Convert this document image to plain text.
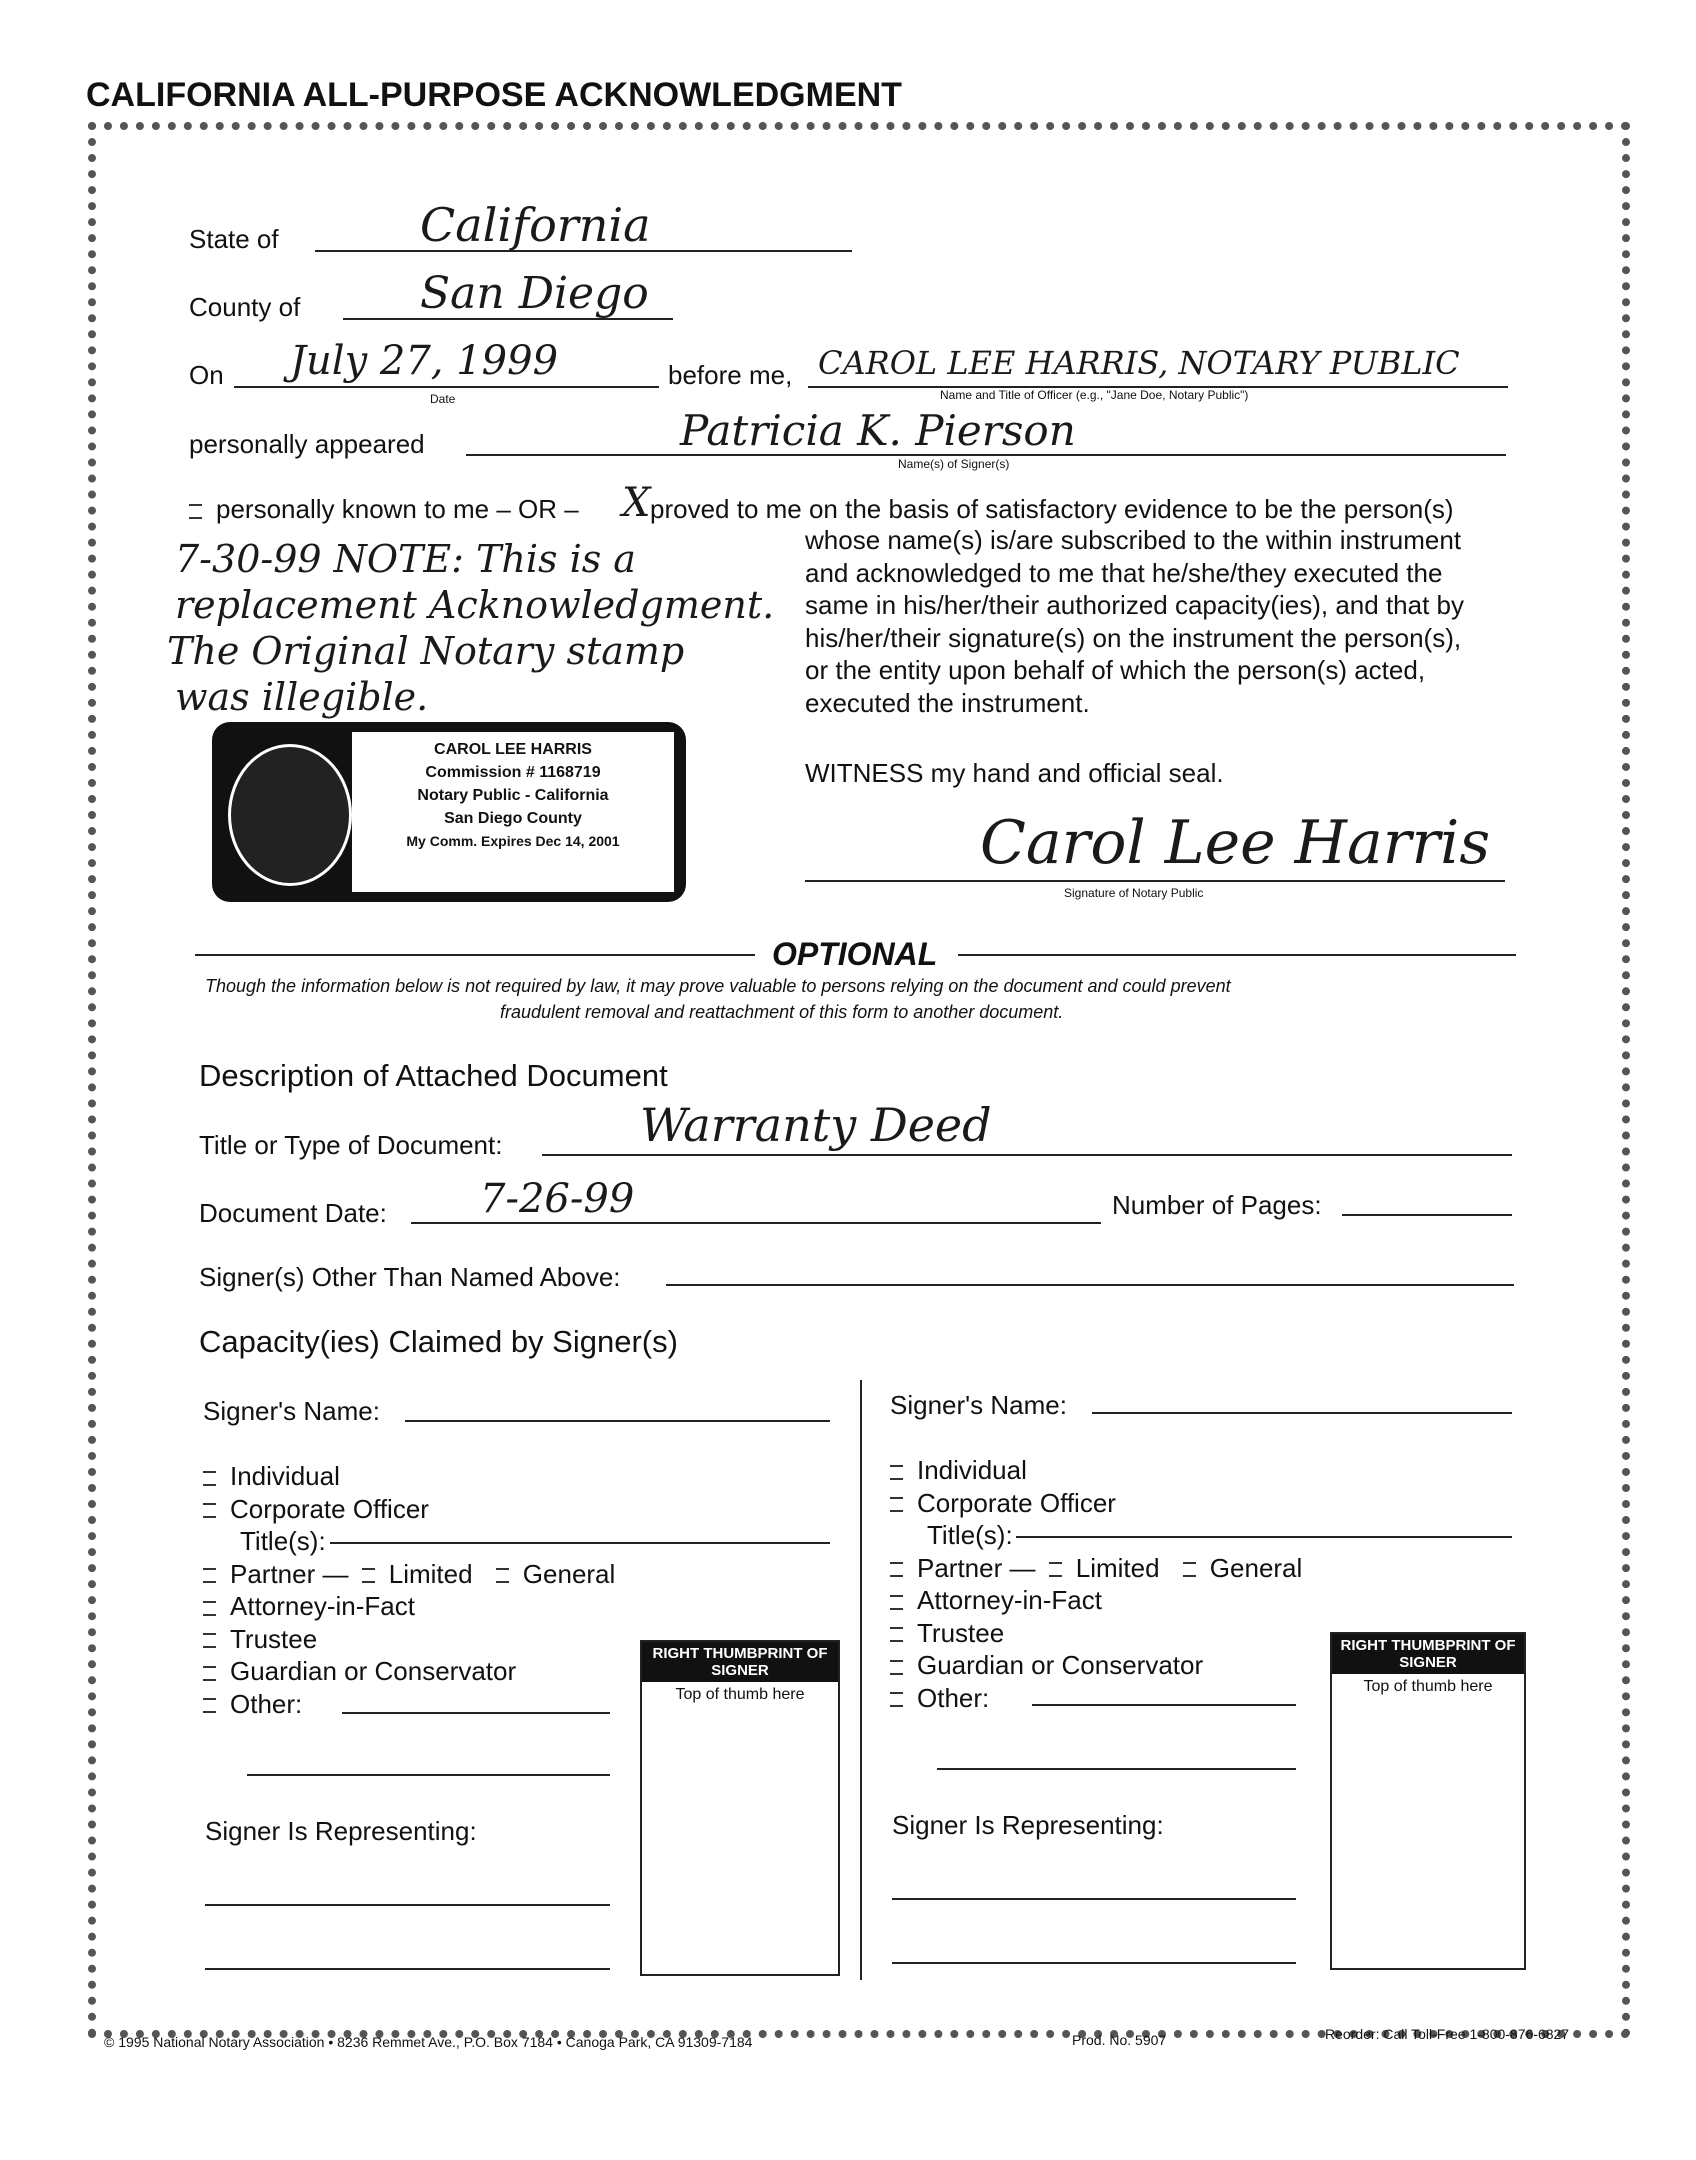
CALIFORNIA ALL-PURPOSE ACKNOWLEDGMENT
State of	California
County of	San Diego
On July 27, 1999
Date
before me, CAROL LEE HARRIS, NOTARY PUBLIC
Name and Title of Officer (e.g., "Jane Doe, Notary Public")
personally appeared	Patricia K. Pierson
Name(s) of Signer(s)
personally known to me – OR – X proved to me on the basis of satisfactory evidence to be the person(s)
whose name(s) is/are subscribed to the within instrument
and acknowledged to me that he/she/they executed the
same in his/her/their authorized capacity(ies), and that by
his/her/their signature(s) on the instrument the person(s),
or the entity upon behalf of which the person(s) acted,
executed the instrument.
7-30-99 NOTE: This is a
replacement Acknowledgment.
The Original Notary stamp
was illegible.
CAROL LEE HARRIS
Commission # 1168719
Notary Public - California
San Diego County
My Comm. Expires Dec 14, 2001
WITNESS my hand and official seal.
Carol Lee Harris
Signature of Notary Public
OPTIONAL
Though the information below is not required by law, it may prove valuable to persons relying on the document and could prevent
fraudulent removal and reattachment of this form to another document.
Description of Attached Document
Title or Type of Document:	Warranty Deed
Document Date: 7-26-99	Number of Pages:
Signer(s) Other Than Named Above:
Capacity(ies) Claimed by Signer(s)
Signer's Name:
Individual
Corporate Officer
Title(s):
Partner — Limited General
Attorney-in-Fact
Trustee
Guardian or Conservator
Other:
Signer Is Representing:
RIGHT THUMBPRINT OF SIGNER
Top of thumb here
Signer's Name:
Individual
Corporate Officer
Title(s):
Partner — Limited General
Attorney-in-Fact
Trustee
Guardian or Conservator
Other:
Signer Is Representing:
RIGHT THUMBPRINT OF SIGNER
Top of thumb here
© 1995 National Notary Association • 8236 Remmet Ave., P.O. Box 7184 • Canoga Park, CA 91309-7184	Prod. No. 5907	Reorder: Call Toll-Free 1-800-876-6827
